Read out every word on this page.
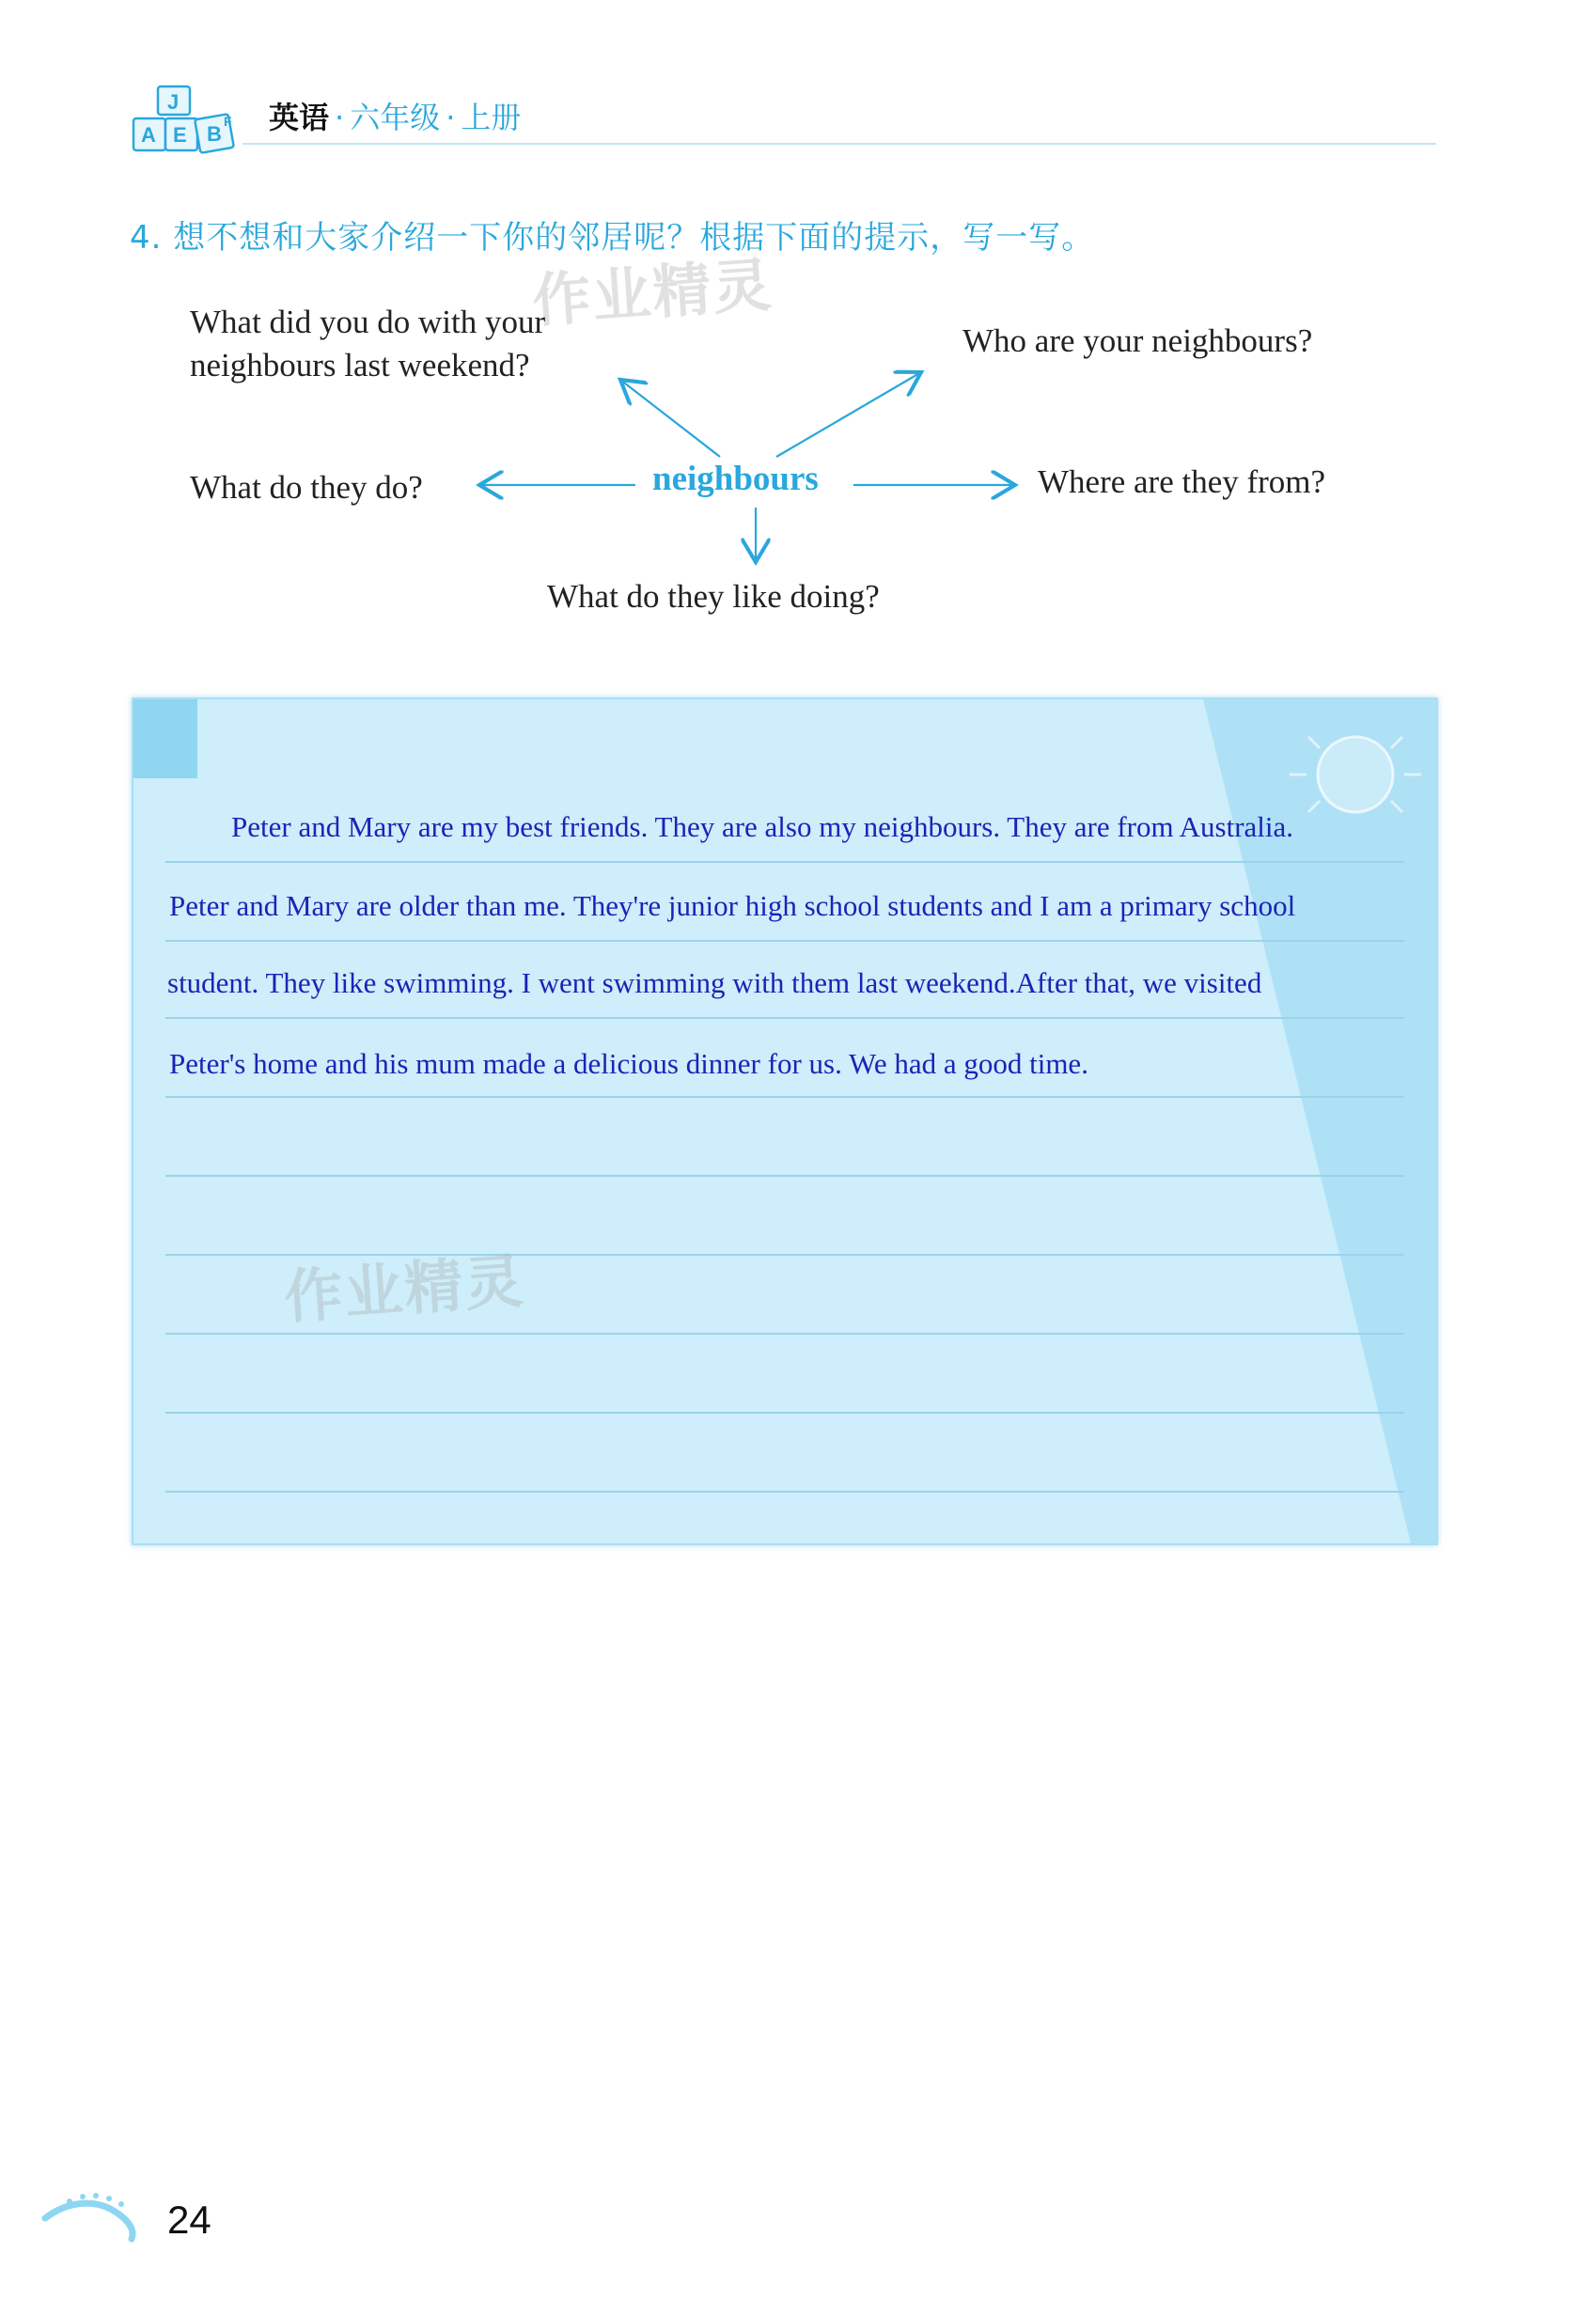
J
A E B
F 英语 · 六年级 · 上册
4. 想不想和大家介绍一下你的邻居呢？根据下面的提示，写一写。
作业精灵
What did you do with your
neighbours last weekend?
Who are your neighbours?
What do they do?	Where are they from?
What do they like doing?
neighbours
Peter and Mary are my best friends. They are also my neighbours. They are from Australia.
Peter and Mary are older than me. They're junior high school students and I am a primary school
student. They like swimming. I went swimming with them last weekend.After that, we visited
Peter's home and his mum made a delicious dinner for us. We had a good time.
作业精灵
24
